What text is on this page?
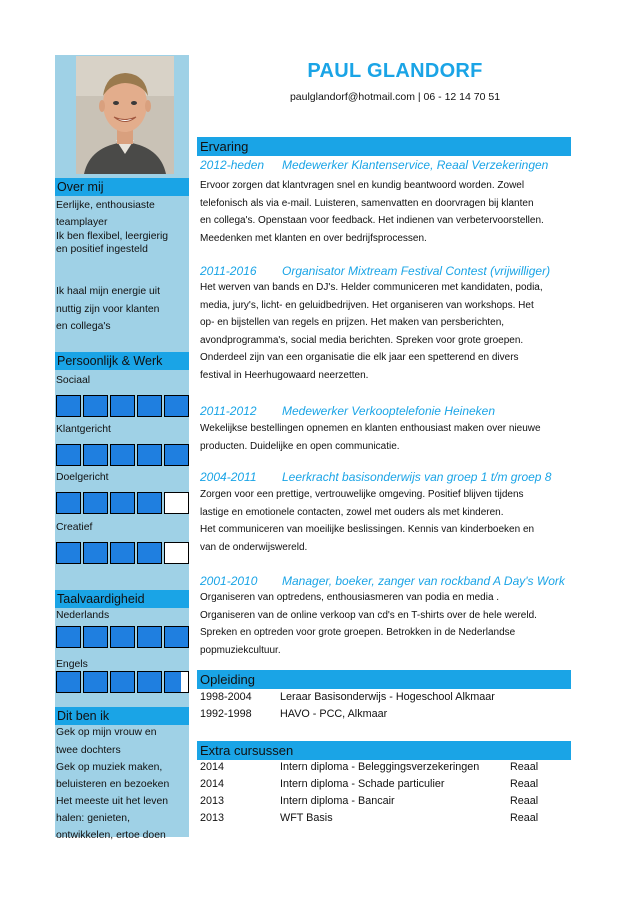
Over mij
Eerlijke, enthousiaste
teamplayer
Ik ben flexibel, leergierig
en positief ingesteld
Ik haal mijn energie uit
nuttig zijn voor klanten
en collega's
Persoonlijk & Werk
Sociaal
Klantgericht
Doelgericht
Creatief
Taalvaardigheid
Nederlands
Engels
Dit ben ik
Gek op mijn vrouw en
twee dochters
Gek op muziek maken,
beluisteren en bezoeken
Het meeste uit het leven
halen: genieten,
ontwikkelen, ertoe doen
PAUL GLANDORF
paulglandorf@hotmail.com | 06 - 12 14 70 51
Ervaring
2012-heden Medewerker Klantenservice, Reaal Verzekeringen
Ervoor zorgen dat klantvragen snel en kundig beantwoord worden. Zowel
telefonisch als via e-mail. Luisteren, samenvatten en doorvragen bij klanten
en collega's. Openstaan voor feedback. Het indienen van verbetervoorstellen.
Meedenken met klanten en over bedrijfsprocessen.
2011-2016 Organisator Mixtream Festival Contest (vrijwilliger)
Het werven van bands en DJ's. Helder communiceren met kandidaten, podia,
media, jury's, licht- en geluidbedrijven. Het organiseren van workshops. Het
op- en bijstellen van regels en prijzen. Het maken van persberichten,
avondprogramma's, social media berichten. Spreken voor grote groepen.
Onderdeel zijn van een organisatie die elk jaar een spetterend en divers
festival in Heerhugowaard neerzetten.
2011-2012 Medewerker Verkooptelefonie Heineken
Wekelijkse bestellingen opnemen en klanten enthousiast maken over nieuwe
producten. Duidelijke en open communicatie.
2004-2011 Leerkracht basisonderwijs van groep 1 t/m groep 8
Zorgen voor een prettige, vertrouwelijke omgeving. Positief blijven tijdens
lastige en emotionele contacten, zowel met ouders als met kinderen.
Het communiceren van moeilijke beslissingen. Kennis van kinderboeken en
van de onderwijswereld.
2001-2010 Manager, boeker, zanger van rockband A Day's Work
Organiseren van optredens, enthousiasmeren van podia en media .
Organiseren van de online verkoop van cd's en T-shirts over de hele wereld.
Spreken en optreden voor grote groepen. Betrokken in de Nederlandse
popmuziekcultuur.
Opleiding
1998-2004	Leraar Basisonderwijs - Hogeschool Alkmaar
1992-1998	HAVO - PCC, Alkmaar
Extra cursussen
2014	Intern diploma - Beleggingsverzekeringen	Reaal
2014	Intern diploma - Schade particulier	Reaal
2013	Intern diploma - Bancair	Reaal
2013	WFT Basis	Reaal
